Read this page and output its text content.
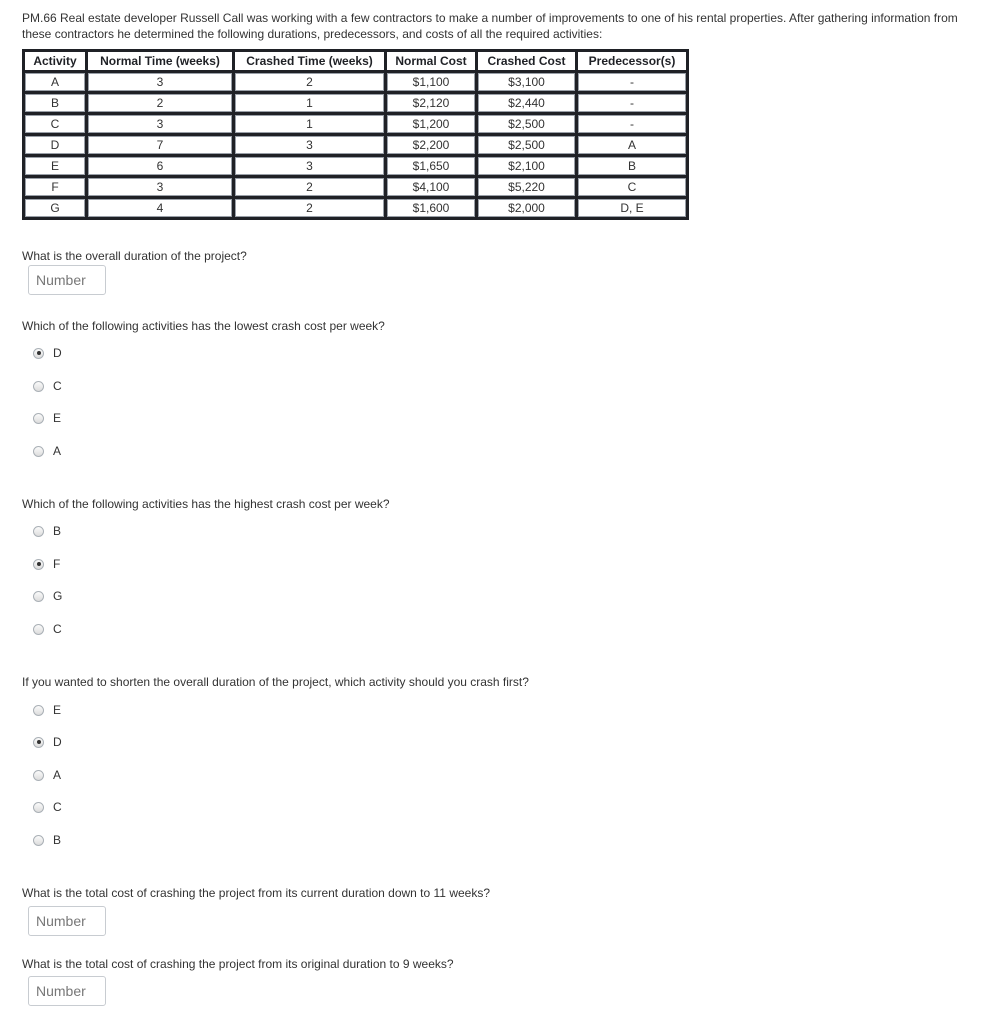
PM.66 Real estate developer Russell Call was working with a few contractors to make a number of improvements to one of his rental properties. After gathering information from these contractors he determined the following durations, predecessors, and costs of all the required activities:
Activity	Normal Time (weeks)	Crashed Time (weeks)	Normal Cost	Crashed Cost	Predecessor(s)
A	3	2	$1,100	$3,100	-
B	2	1	$2,120	$2,440	-
C	3	1	$1,200	$2,500	-
D	7	3	$2,200	$2,500	A
E	6	3	$1,650	$2,100	B
F	3	2	$4,100	$5,220	C
G	4	2	$1,600	$2,000	D, E
What is the overall duration of the project?
Number
Which of the following activities has the lowest crash cost per week?
D
C
E
A
Which of the following activities has the highest crash cost per week?
B
F
G
C
If you wanted to shorten the overall duration of the project, which activity should you crash first?
E
D
A
C
B
What is the total cost of crashing the project from its current duration down to 11 weeks?
Number
What is the total cost of crashing the project from its original duration to 9 weeks?
Number
